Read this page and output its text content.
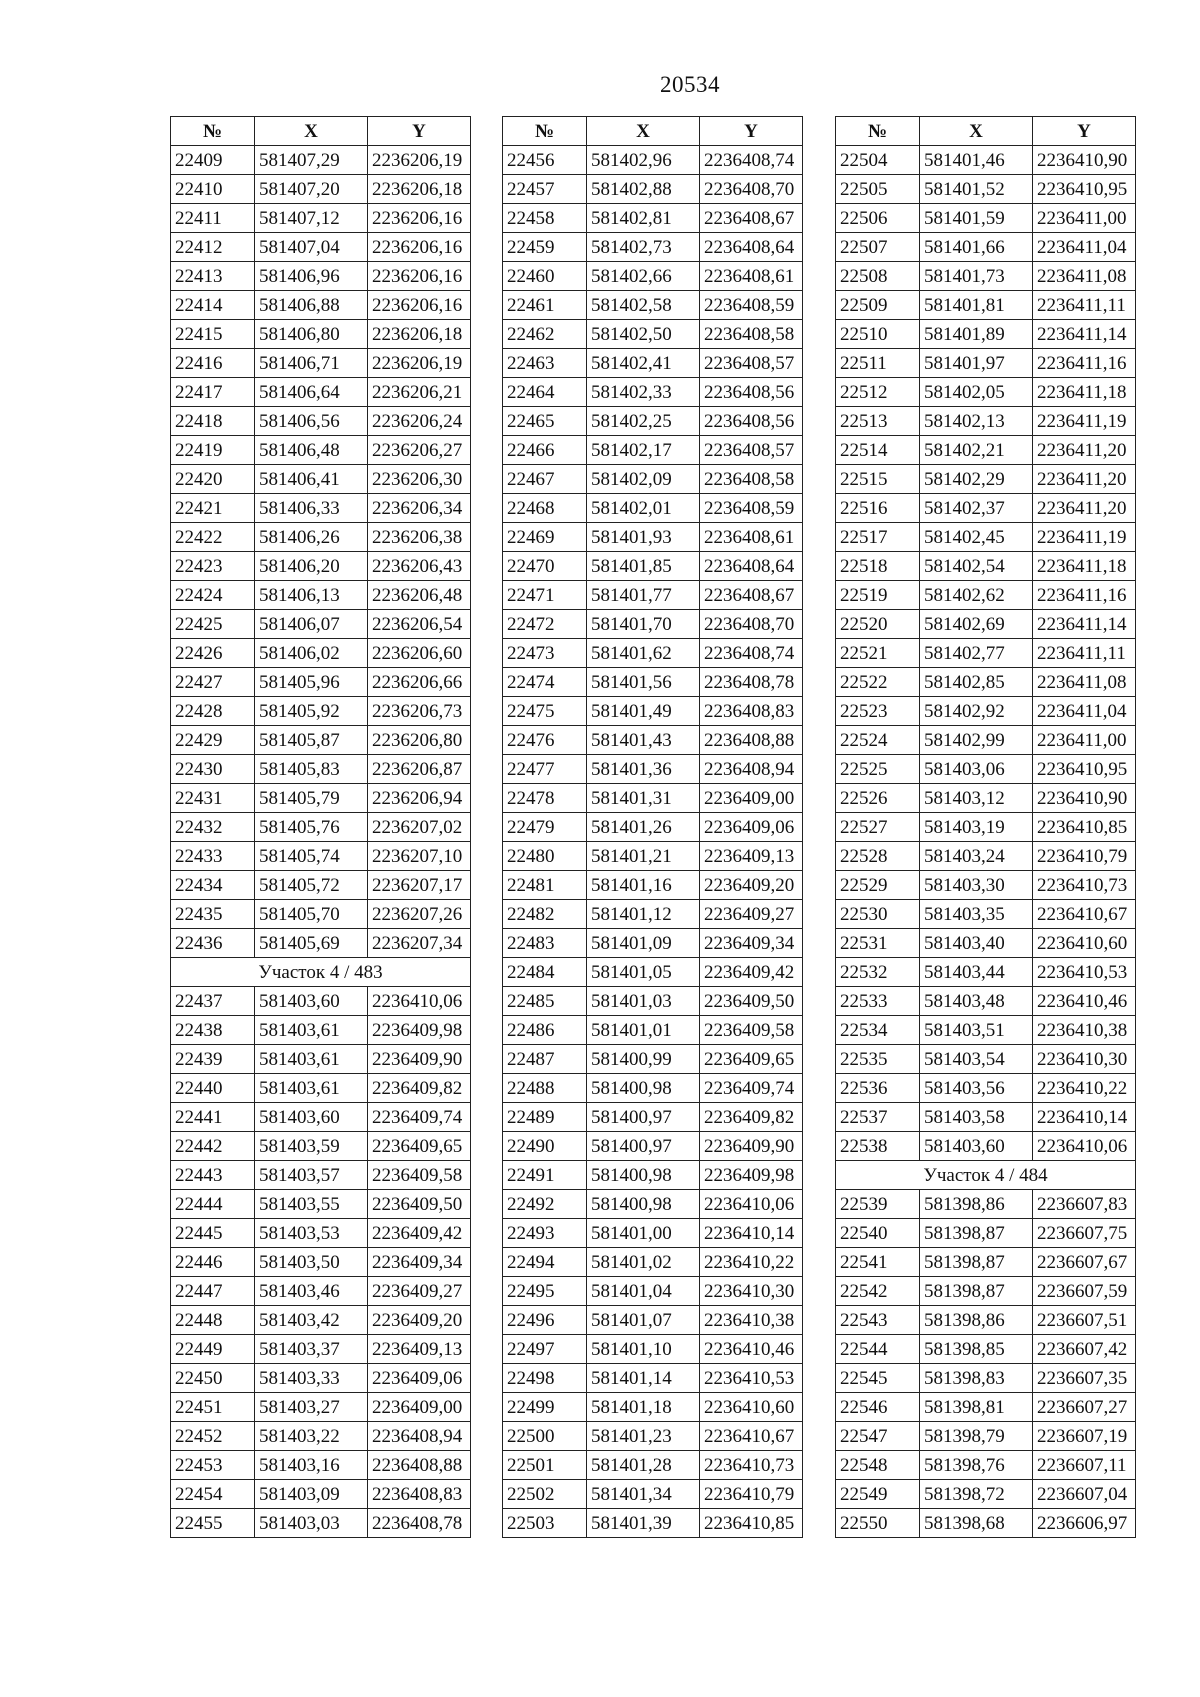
20534
№	X	Y
22409	581407,29	2236206,19
22410	581407,20	2236206,18
22411	581407,12	2236206,16
22412	581407,04	2236206,16
22413	581406,96	2236206,16
22414	581406,88	2236206,16
22415	581406,80	2236206,18
22416	581406,71	2236206,19
22417	581406,64	2236206,21
22418	581406,56	2236206,24
22419	581406,48	2236206,27
22420	581406,41	2236206,30
22421	581406,33	2236206,34
22422	581406,26	2236206,38
22423	581406,20	2236206,43
22424	581406,13	2236206,48
22425	581406,07	2236206,54
22426	581406,02	2236206,60
22427	581405,96	2236206,66
22428	581405,92	2236206,73
22429	581405,87	2236206,80
22430	581405,83	2236206,87
22431	581405,79	2236206,94
22432	581405,76	2236207,02
22433	581405,74	2236207,10
22434	581405,72	2236207,17
22435	581405,70	2236207,26
22436	581405,69	2236207,34
Участок 4 / 483		
22437	581403,60	2236410,06
22438	581403,61	2236409,98
22439	581403,61	2236409,90
22440	581403,61	2236409,82
22441	581403,60	2236409,74
22442	581403,59	2236409,65
22443	581403,57	2236409,58
22444	581403,55	2236409,50
22445	581403,53	2236409,42
22446	581403,50	2236409,34
22447	581403,46	2236409,27
22448	581403,42	2236409,20
22449	581403,37	2236409,13
22450	581403,33	2236409,06
22451	581403,27	2236409,00
22452	581403,22	2236408,94
22453	581403,16	2236408,88
22454	581403,09	2236408,83
22455	581403,03	2236408,78
№	X	Y
22456	581402,96	2236408,74
22457	581402,88	2236408,70
22458	581402,81	2236408,67
22459	581402,73	2236408,64
22460	581402,66	2236408,61
22461	581402,58	2236408,59
22462	581402,50	2236408,58
22463	581402,41	2236408,57
22464	581402,33	2236408,56
22465	581402,25	2236408,56
22466	581402,17	2236408,57
22467	581402,09	2236408,58
22468	581402,01	2236408,59
22469	581401,93	2236408,61
22470	581401,85	2236408,64
22471	581401,77	2236408,67
22472	581401,70	2236408,70
22473	581401,62	2236408,74
22474	581401,56	2236408,78
22475	581401,49	2236408,83
22476	581401,43	2236408,88
22477	581401,36	2236408,94
22478	581401,31	2236409,00
22479	581401,26	2236409,06
22480	581401,21	2236409,13
22481	581401,16	2236409,20
22482	581401,12	2236409,27
22483	581401,09	2236409,34
22484	581401,05	2236409,42
22485	581401,03	2236409,50
22486	581401,01	2236409,58
22487	581400,99	2236409,65
22488	581400,98	2236409,74
22489	581400,97	2236409,82
22490	581400,97	2236409,90
22491	581400,98	2236409,98
22492	581400,98	2236410,06
22493	581401,00	2236410,14
22494	581401,02	2236410,22
22495	581401,04	2236410,30
22496	581401,07	2236410,38
22497	581401,10	2236410,46
22498	581401,14	2236410,53
22499	581401,18	2236410,60
22500	581401,23	2236410,67
22501	581401,28	2236410,73
22502	581401,34	2236410,79
22503	581401,39	2236410,85
№	X	Y
22504	581401,46	2236410,90
22505	581401,52	2236410,95
22506	581401,59	2236411,00
22507	581401,66	2236411,04
22508	581401,73	2236411,08
22509	581401,81	2236411,11
22510	581401,89	2236411,14
22511	581401,97	2236411,16
22512	581402,05	2236411,18
22513	581402,13	2236411,19
22514	581402,21	2236411,20
22515	581402,29	2236411,20
22516	581402,37	2236411,20
22517	581402,45	2236411,19
22518	581402,54	2236411,18
22519	581402,62	2236411,16
22520	581402,69	2236411,14
22521	581402,77	2236411,11
22522	581402,85	2236411,08
22523	581402,92	2236411,04
22524	581402,99	2236411,00
22525	581403,06	2236410,95
22526	581403,12	2236410,90
22527	581403,19	2236410,85
22528	581403,24	2236410,79
22529	581403,30	2236410,73
22530	581403,35	2236410,67
22531	581403,40	2236410,60
22532	581403,44	2236410,53
22533	581403,48	2236410,46
22534	581403,51	2236410,38
22535	581403,54	2236410,30
22536	581403,56	2236410,22
22537	581403,58	2236410,14
22538	581403,60	2236410,06
Участок 4 / 484		
22539	581398,86	2236607,83
22540	581398,87	2236607,75
22541	581398,87	2236607,67
22542	581398,87	2236607,59
22543	581398,86	2236607,51
22544	581398,85	2236607,42
22545	581398,83	2236607,35
22546	581398,81	2236607,27
22547	581398,79	2236607,19
22548	581398,76	2236607,11
22549	581398,72	2236607,04
22550	581398,68	2236606,97
